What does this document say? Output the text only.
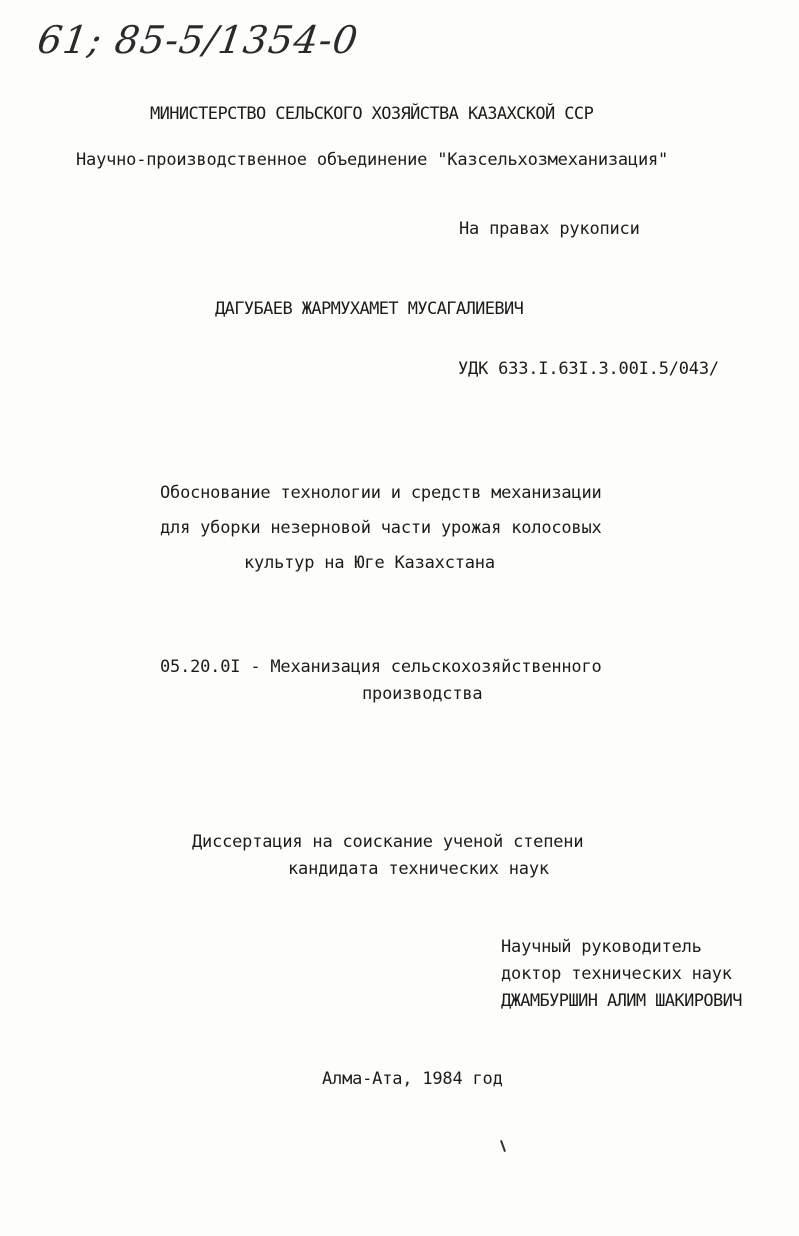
61; 85-5/1354-0
МИНИСТЕРСТВО СЕЛЬСКОГО ХОЗЯЙСТВА КАЗАХСКОЙ ССР
Научно-производственное объединение "Казсельхозмеханизация"
На правах рукописи
ДАГУБАЕВ ЖАРМУХАМЕТ МУСАГАЛИЕВИЧ
УДК 633.I.63I.3.00I.5/043/
Обоснование технологии и средств механизации
для уборки незерновой части урожая колосовых
культур на Юге Казахстана
05.20.0I - Механизация сельскохозяйственного
производства
Диссертация на соискание ученой степени
кандидата технических наук
Научный руководитель
доктор технических наук
ДЖАМБУРШИН АЛИМ ШАКИРОВИЧ
Алма-Ата, 1984 год
